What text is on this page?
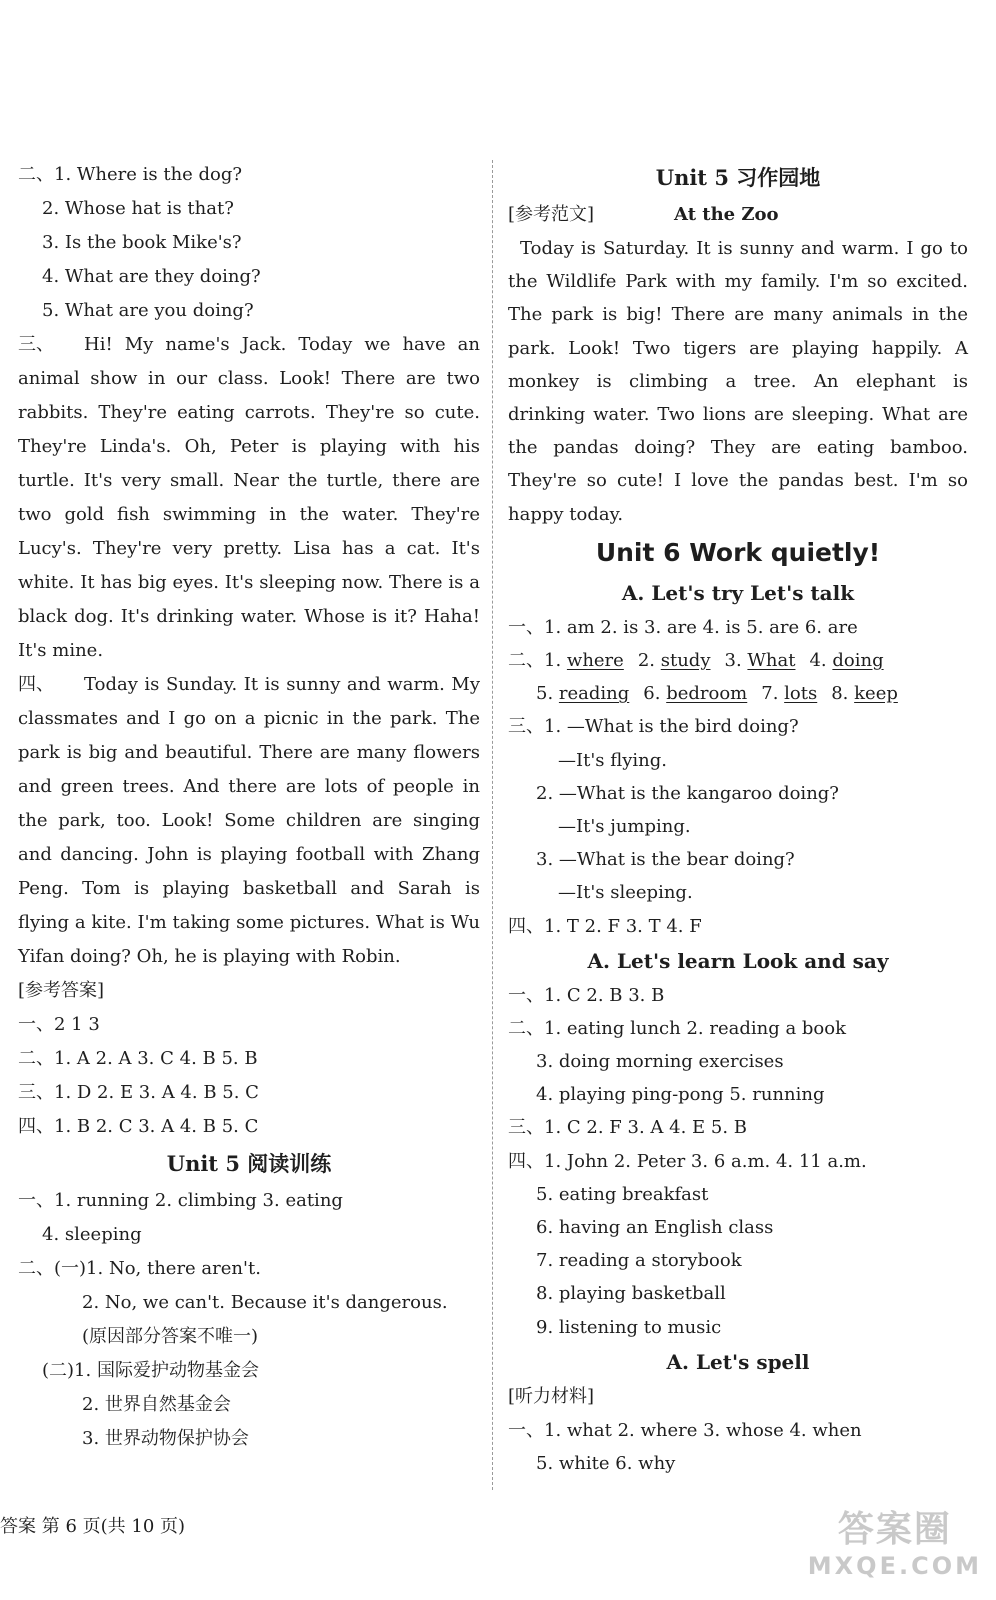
二、1. Where is the dog?
2. Whose hat is that?
3. Is the book Mike's?
4. What are they doing?
5. What are you doing?
三、 Hi! My name's Jack. Today we have an animal show in our class. Look! There are two rabbits. They're eating carrots. They're so cute. They're Linda's. Oh, Peter is playing with his turtle. It's very small. Near the turtle, there are two gold fish swimming in the water. They're Lucy's. They're very pretty. Lisa has a cat. It's white. It has big eyes. It's sleeping now. There is a black dog. It's drinking water. Whose is it? Haha! It's mine.
四、 Today is Sunday. It is sunny and warm. My classmates and I go on a picnic in the park. The park is big and beautiful. There are many flowers and green trees. And there are lots of people in the park, too. Look! Some children are singing and dancing. John is playing football with Zhang Peng. Tom is playing basketball and Sarah is flying a kite. I'm taking some pictures. What is Wu Yifan doing? Oh, he is playing with Robin.
[参考答案]
一、2 1 3
二、1. A 2. A 3. C 4. B 5. B
三、1. D 2. E 3. A 4. B 5. C
四、1. B 2. C 3. A 4. B 5. C
Unit 5 阅读训练
一、1. running 2. climbing 3. eating
4. sleeping
二、(一)1. No, there aren't.
2. No, we can't. Because it's dangerous.
(原因部分答案不唯一)
(二)1. 国际爱护动物基金会
2. 世界自然基金会
3. 世界动物保护协会
Unit 5 习作园地
[参考范文]	At the Zoo
Today is Saturday. It is sunny and warm. I go to the Wildlife Park with my family. I'm so excited. The park is big! There are many animals in the park. Look! Two tigers are playing happily. A monkey is climbing a tree. An elephant is drinking water. Two lions are sleeping. What are the pandas doing? They are eating bamboo. They're so cute! I love the pandas best. I'm so happy today.
Unit 6 Work quietly!
A. Let's try Let's talk
一、1. am 2. is 3. are 4. is 5. are 6. are
二、1. where 2. study 3. What 4. doing
5. reading 6. bedroom 7. lots 8. keep
三、1. —What is the bird doing?
—It's flying.
2. —What is the kangaroo doing?
—It's jumping.
3. —What is the bear doing?
—It's sleeping.
四、1. T 2. F 3. T 4. F
A. Let's learn Look and say
一、1. C 2. B 3. B
二、1. eating lunch 2. reading a book
3. doing morning exercises
4. playing ping-pong 5. running
三、1. C 2. F 3. A 4. E 5. B
四、1. John 2. Peter 3. 6 a.m. 4. 11 a.m.
5. eating breakfast
6. having an English class
7. reading a storybook
8. playing basketball
9. listening to music
A. Let's spell
[听力材料]
一、1. what 2. where 3. whose 4. when
5. white 6. why
答案 第 6 页(共 10 页)	答案圈
MXQE.COM
